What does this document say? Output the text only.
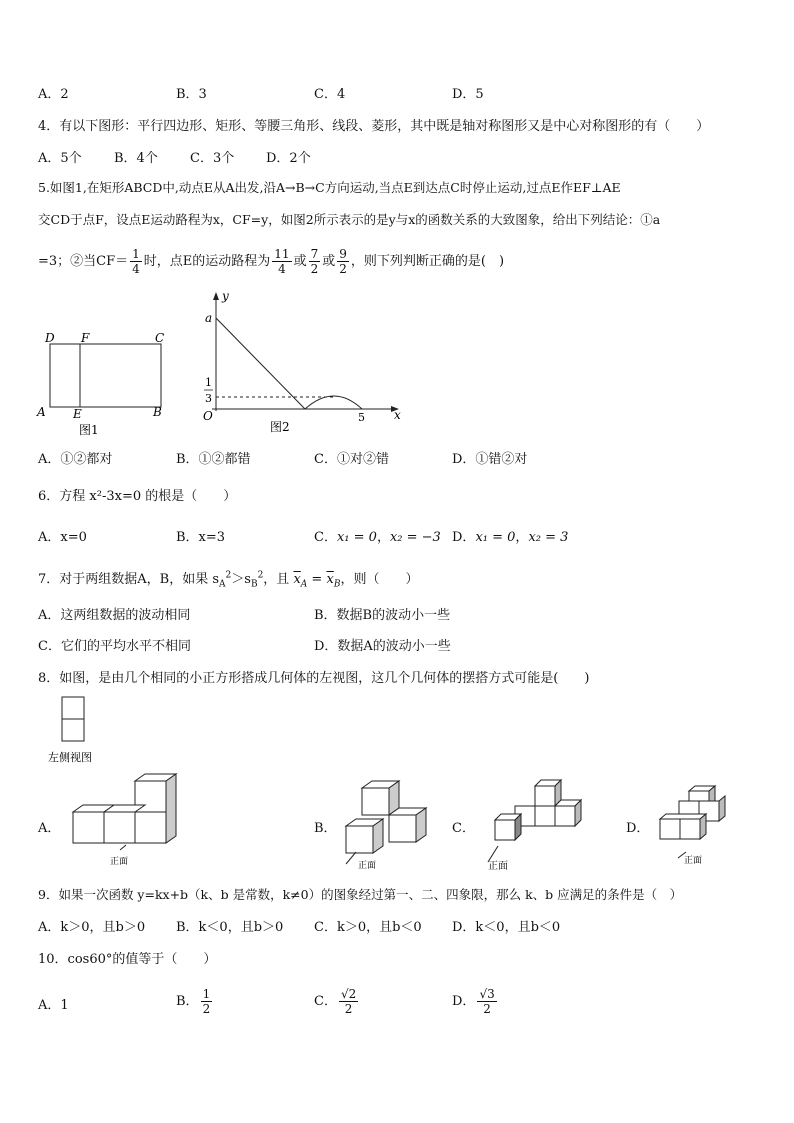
A．2	B．3	C．4	D．5
4．有以下图形：平行四边形、矩形、等腰三角形、线段、菱形，其中既是轴对称图形又是中心对称图形的有（　　）
A．5个 B．4个 C．3个 D．2个
5.如图1,在矩形ABCD中,动点E从A出发,沿A→B→C方向运动,当点E到达点C时停止运动,过点E作EF⊥AE
交CD于点F，设点E运动路程为x，CF=y，如图2所示表示的是y与x的函数关系的大致图象，给出下列结论：①a
=3；②当$CF= \frac{1}{4}$ 时，点E的运动路程为 $\frac{11}{4}$ 或 $\frac{7}{2}$ 或 $\frac{9}{2}$ ，则下列判断正确的是(　)
D F	C
A E	B
图1
y
a
1
3
O	5 x
图2
A．①②都对	B．①②都错	C．①对②错	D．①错②对
6．方程 x²-3x=0 的根是（　　）
A．x=0	B．x=3	C．x₁ = 0，x₂ = −3 D．x₁ = 0，x₂ = 3
7．对于两组数据A，B，如果 $s_A^2>s_B^2$，且 $\overline{x}_A = \overline{x}_B$，则（　　）
A．这两组数据的波动相同	B．数据B的波动小一些
C．它们的平均水平不相同	D．数据A的波动小一些
8．如图，是由几个相同的小正方形搭成几何体的左视图，这几个几何体的摆搭方式可能是(　　)
左侧视图
A．	B．	C．	D．
正面	正面	正面	正面
9．如果一次函数 y=kx+b（k、b 是常数，k≠0）的图象经过第一、二、四象限，那么 k、b 应满足的条件是（　）
A．k＞0，且b＞0 B．k＜0，且b＞0 C．k＞0，且b＜0 D．k＜0，且b＜0
10．cos60°的值等于（　　）
A．1	B． $\frac{1}{2}$	C． $\frac{√2}{2}$	D． $\frac{√3}{2}$
